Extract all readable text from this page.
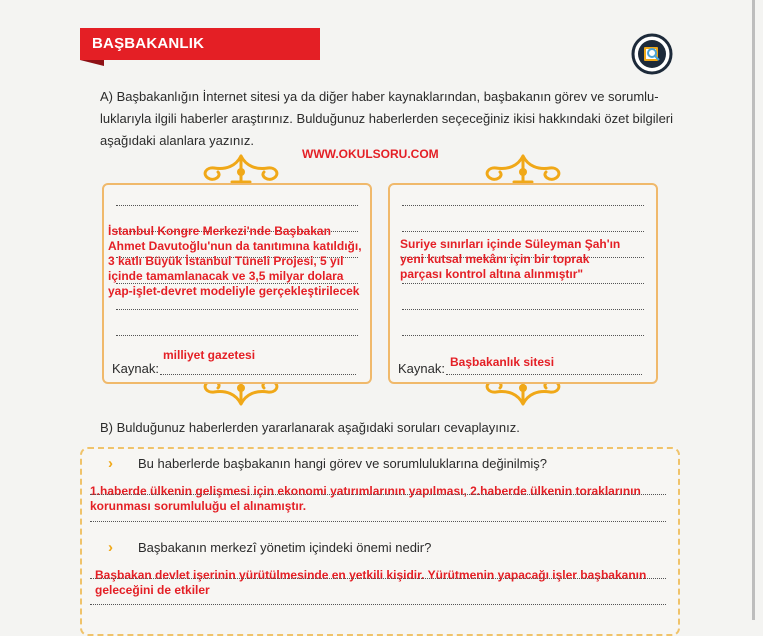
BAŞBAKANLIK
A) Başbakanlığın İnternet sitesi ya da diğer haber kaynaklarından, başbakanın görev ve sorumlu-
luklarıyla ilgili haberler araştırınız. Bulduğunuz haberlerden seçeceğiniz ikisi hakkındaki özet bilgileri
aşağıdaki alanlara yazınız.
WWW.OKULSORU.COM
İstanbul Kongre Merkezi'nde Başbakan Ahmet Davutoğlu'nun da tanıtımına katıldığı, 3 katlı Büyük İstanbul Tüneli Projesi, 5 yıl içinde tamamlanacak ve 3,5 milyar dolara yap-işlet-devret modeliyle gerçekleştirilecek
Kaynak:
milliyet gazetesi
Suriye sınırları içinde Süleyman Şah'ın yeni kutsal mekânı için bir toprak parçası kontrol altına alınmıştır"
Kaynak: Başbakanlık sitesi
B) Bulduğunuz haberlerden yararlanarak aşağıdaki soruları cevaplayınız.
› Bu haberlerde başbakanın hangi görev ve sorumluluklarına değinilmiş?
1.haberde ülkenin gelişmesi için ekonomi yatırımlarının yapılması, 2.haberde ülkenin toraklarının korunması sorumluluğu el alınamıştır.
› Başbakanın merkezî yönetim içindeki önemi nedir?
Başbakan devlet işerinin yürütülmesinde en yetkili kişidir. Yürütmenin yapacağı işler başbakanın geleceğini de etkiler
